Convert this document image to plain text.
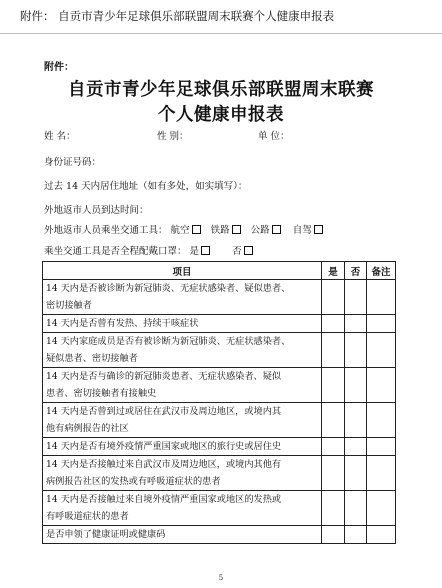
附件： 自贡市青少年足球俱乐部联盟周末联赛个人健康申报表
附件：
自贡市青少年足球俱乐部联盟周末联赛
个人健康申报表
姓 名：	性 别：	单 位：
身份证号码：
过去 14 天内居住地址（如有多处，如实填写）：
外地返市人员到达时间：
外地返市人员乘坐交通工具： 航空 铁路 公路 自驾
乘坐交通工具是否全程配戴口罩： 是	否
项目	是	否	备注

14 天内是否被诊断为新冠肺炎、无症状感染者、疑似患者、
密切接触者			

14 天内是否曾有发热、持续干咳症状			

14 天内家庭成员是否有被诊断为新冠肺炎、无症状感染者、
疑似患者、密切接触者			

14 天内是否与确诊的新冠肺炎患者、无症状感染者、疑似
患者、密切接触者有接触史			

14 天内是否曾到过或居住在武汉市及周边地区，或境内其
他有病例报告的社区			

14 天内是否有境外疫情严重国家或地区的旅行史或居住史			

14 天内是否接触过来自武汉市及周边地区，或境内其他有
病例报告社区的发热或有呼吸道症状的患者			

14 天内是否接触过来自境外疫情严重国家或地区的发热或
有呼吸道症状的患者			

是否申领了健康证明或健康码			

5
